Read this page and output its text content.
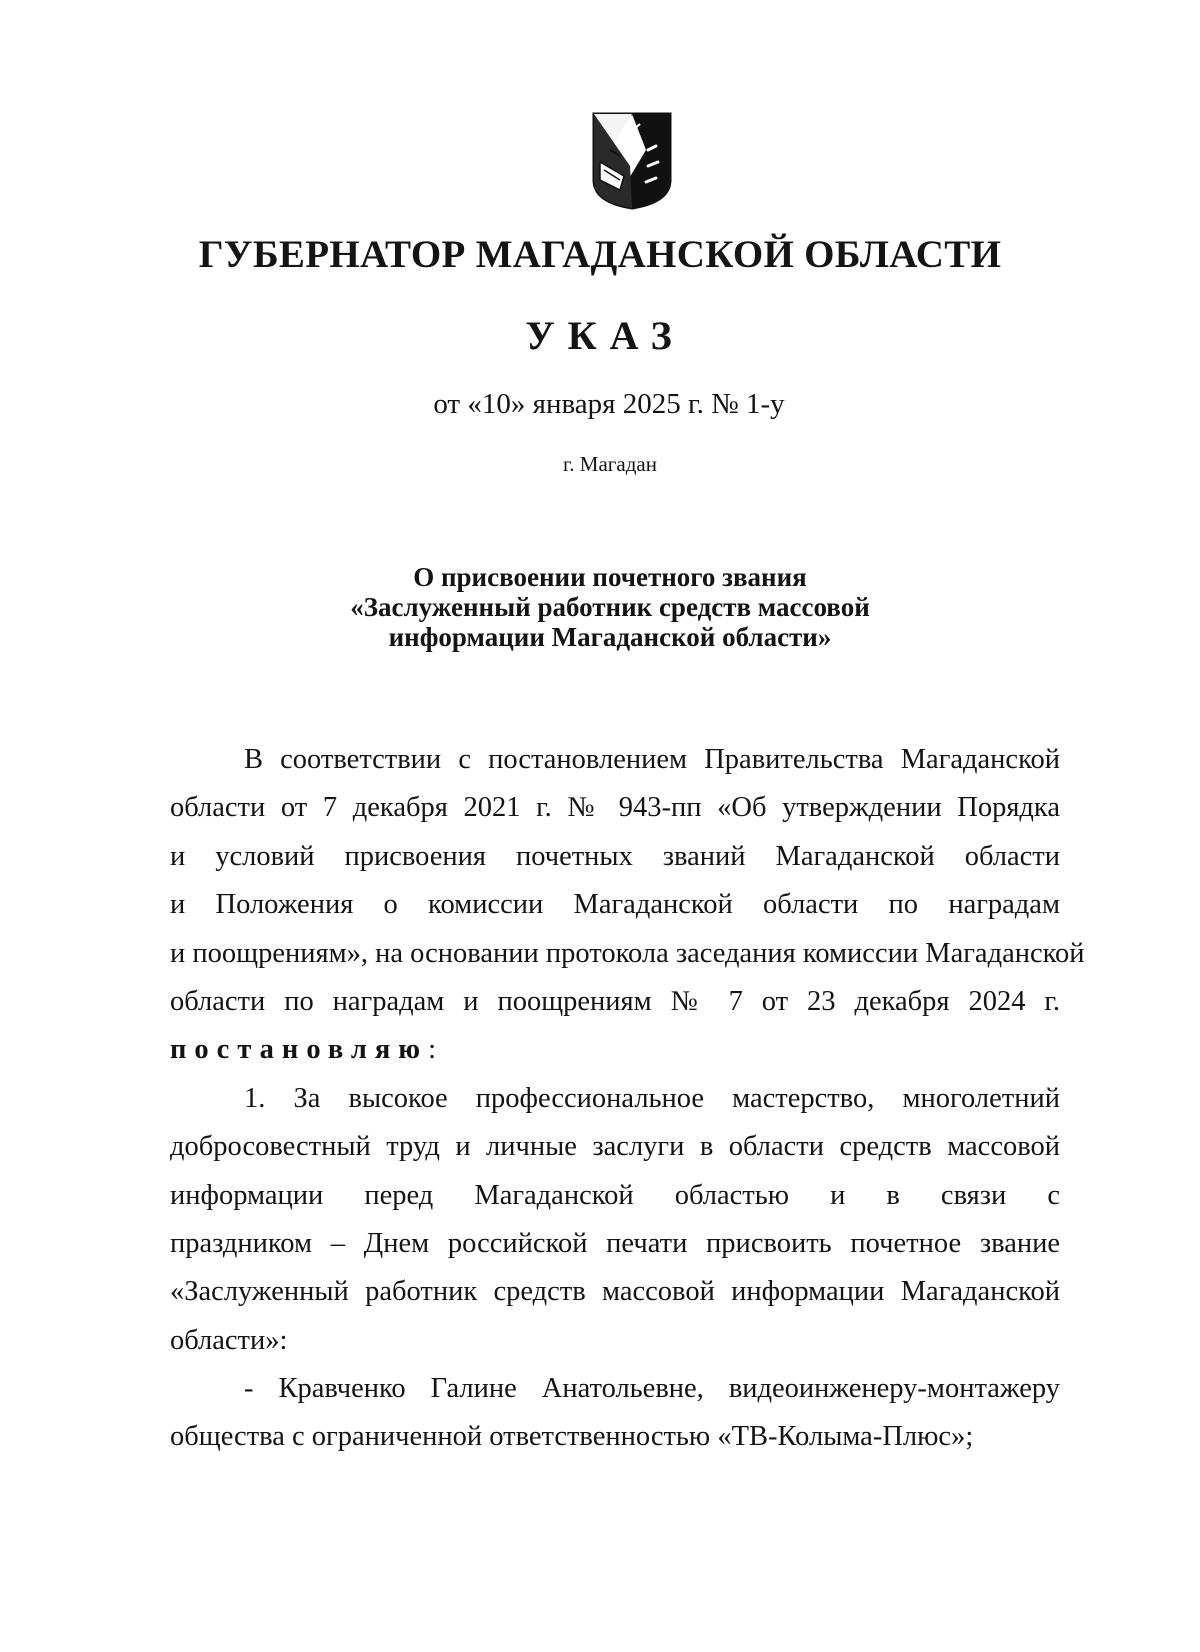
ГУБЕРНАТОР МАГАДАНСКОЙ ОБЛАСТИ
УКАЗ
от «10» января 2025 г. № 1-у
г. Магадан
О присвоении почетного звания
«Заслуженный работник средств массовой
информации Магаданской области»
В соответствии с постановлением Правительства Магаданской
области от 7 декабря 2021 г. № 943-пп «Об утверждении Порядка
и условий присвоения почетных званий Магаданской области
и Положения о комиссии Магаданской области по наградам
и поощрениям», на основании протокола заседания комиссии Магаданской
области по наградам и поощрениям № 7 от 23 декабря 2024 г.
постановляю:
1. За высокое профессиональное мастерство, многолетний
добросовестный труд и личные заслуги в области средств массовой
информации перед Магаданской областью и в связи с
праздником – Днем российской печати присвоить почетное звание
«Заслуженный работник средств массовой информации Магаданской
области»:
- Кравченко Галине Анатольевне, видеоинженеру-монтажеру
общества с ограниченной ответственностью «ТВ-Колыма-Плюс»;
